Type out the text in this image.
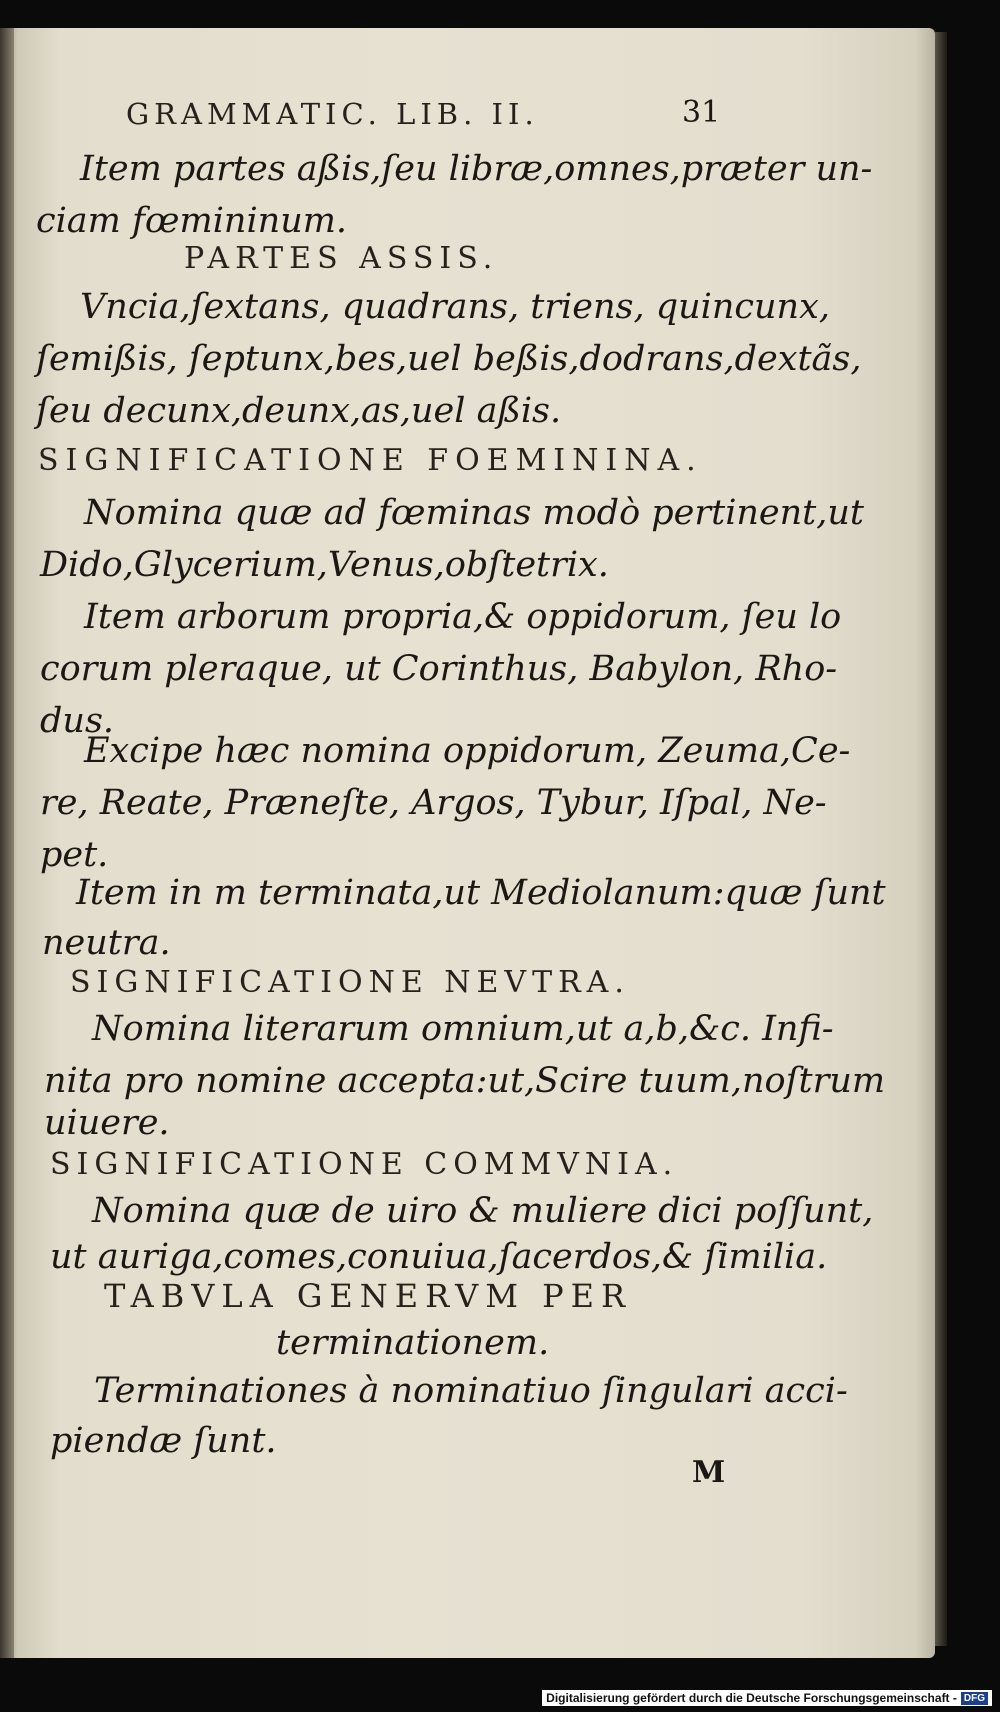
GRAMMATIC. LIB. II.	31
Item partes aßis,ſeu libræ,omnes,præter un-
ciam fœmininum.
PARTES ASSIS.
Vncia,ſextans, quadrans, triens, quincunx,
ſemißis, ſeptunx,bes,uel beßis,dodrans,dextãs,
ſeu decunx,deunx,as,uel aßis.
SIGNIFICATIONE FOEMININA.
Nomina quæ ad fœminas modò pertinent,ut
Dido,Glycerium,Venus,obſtetrix.
Item arborum propria,& oppidorum, ſeu lo
corum pleraque, ut Corinthus, Babylon, Rho-
dus.
Excipe hæc nomina oppidorum, Zeuma,Ce-
re, Reate, Præneſte, Argos, Tybur, Iſpal, Ne-
pet.
Item in m terminata,ut Mediolanum:quæ ſunt
neutra.
SIGNIFICATIONE NEVTRA.
Nomina literarum omnium,ut a,b,&c. Infi-
nita pro nomine accepta:ut,Scire tuum,noſtrum
uiuere.
SIGNIFICATIONE COMMVNIA.
Nomina quæ de uiro & muliere dici poſſunt,
ut auriga,comes,conuiua,ſacerdos,& ſimilia.
TABVLA GENERVM PER
terminationem.
Terminationes à nominatiuo ſingulari acci-
piendæ ſunt.
M
Digitalisierung gefördert durch die Deutsche Forschungsgemeinschaft - DFG
